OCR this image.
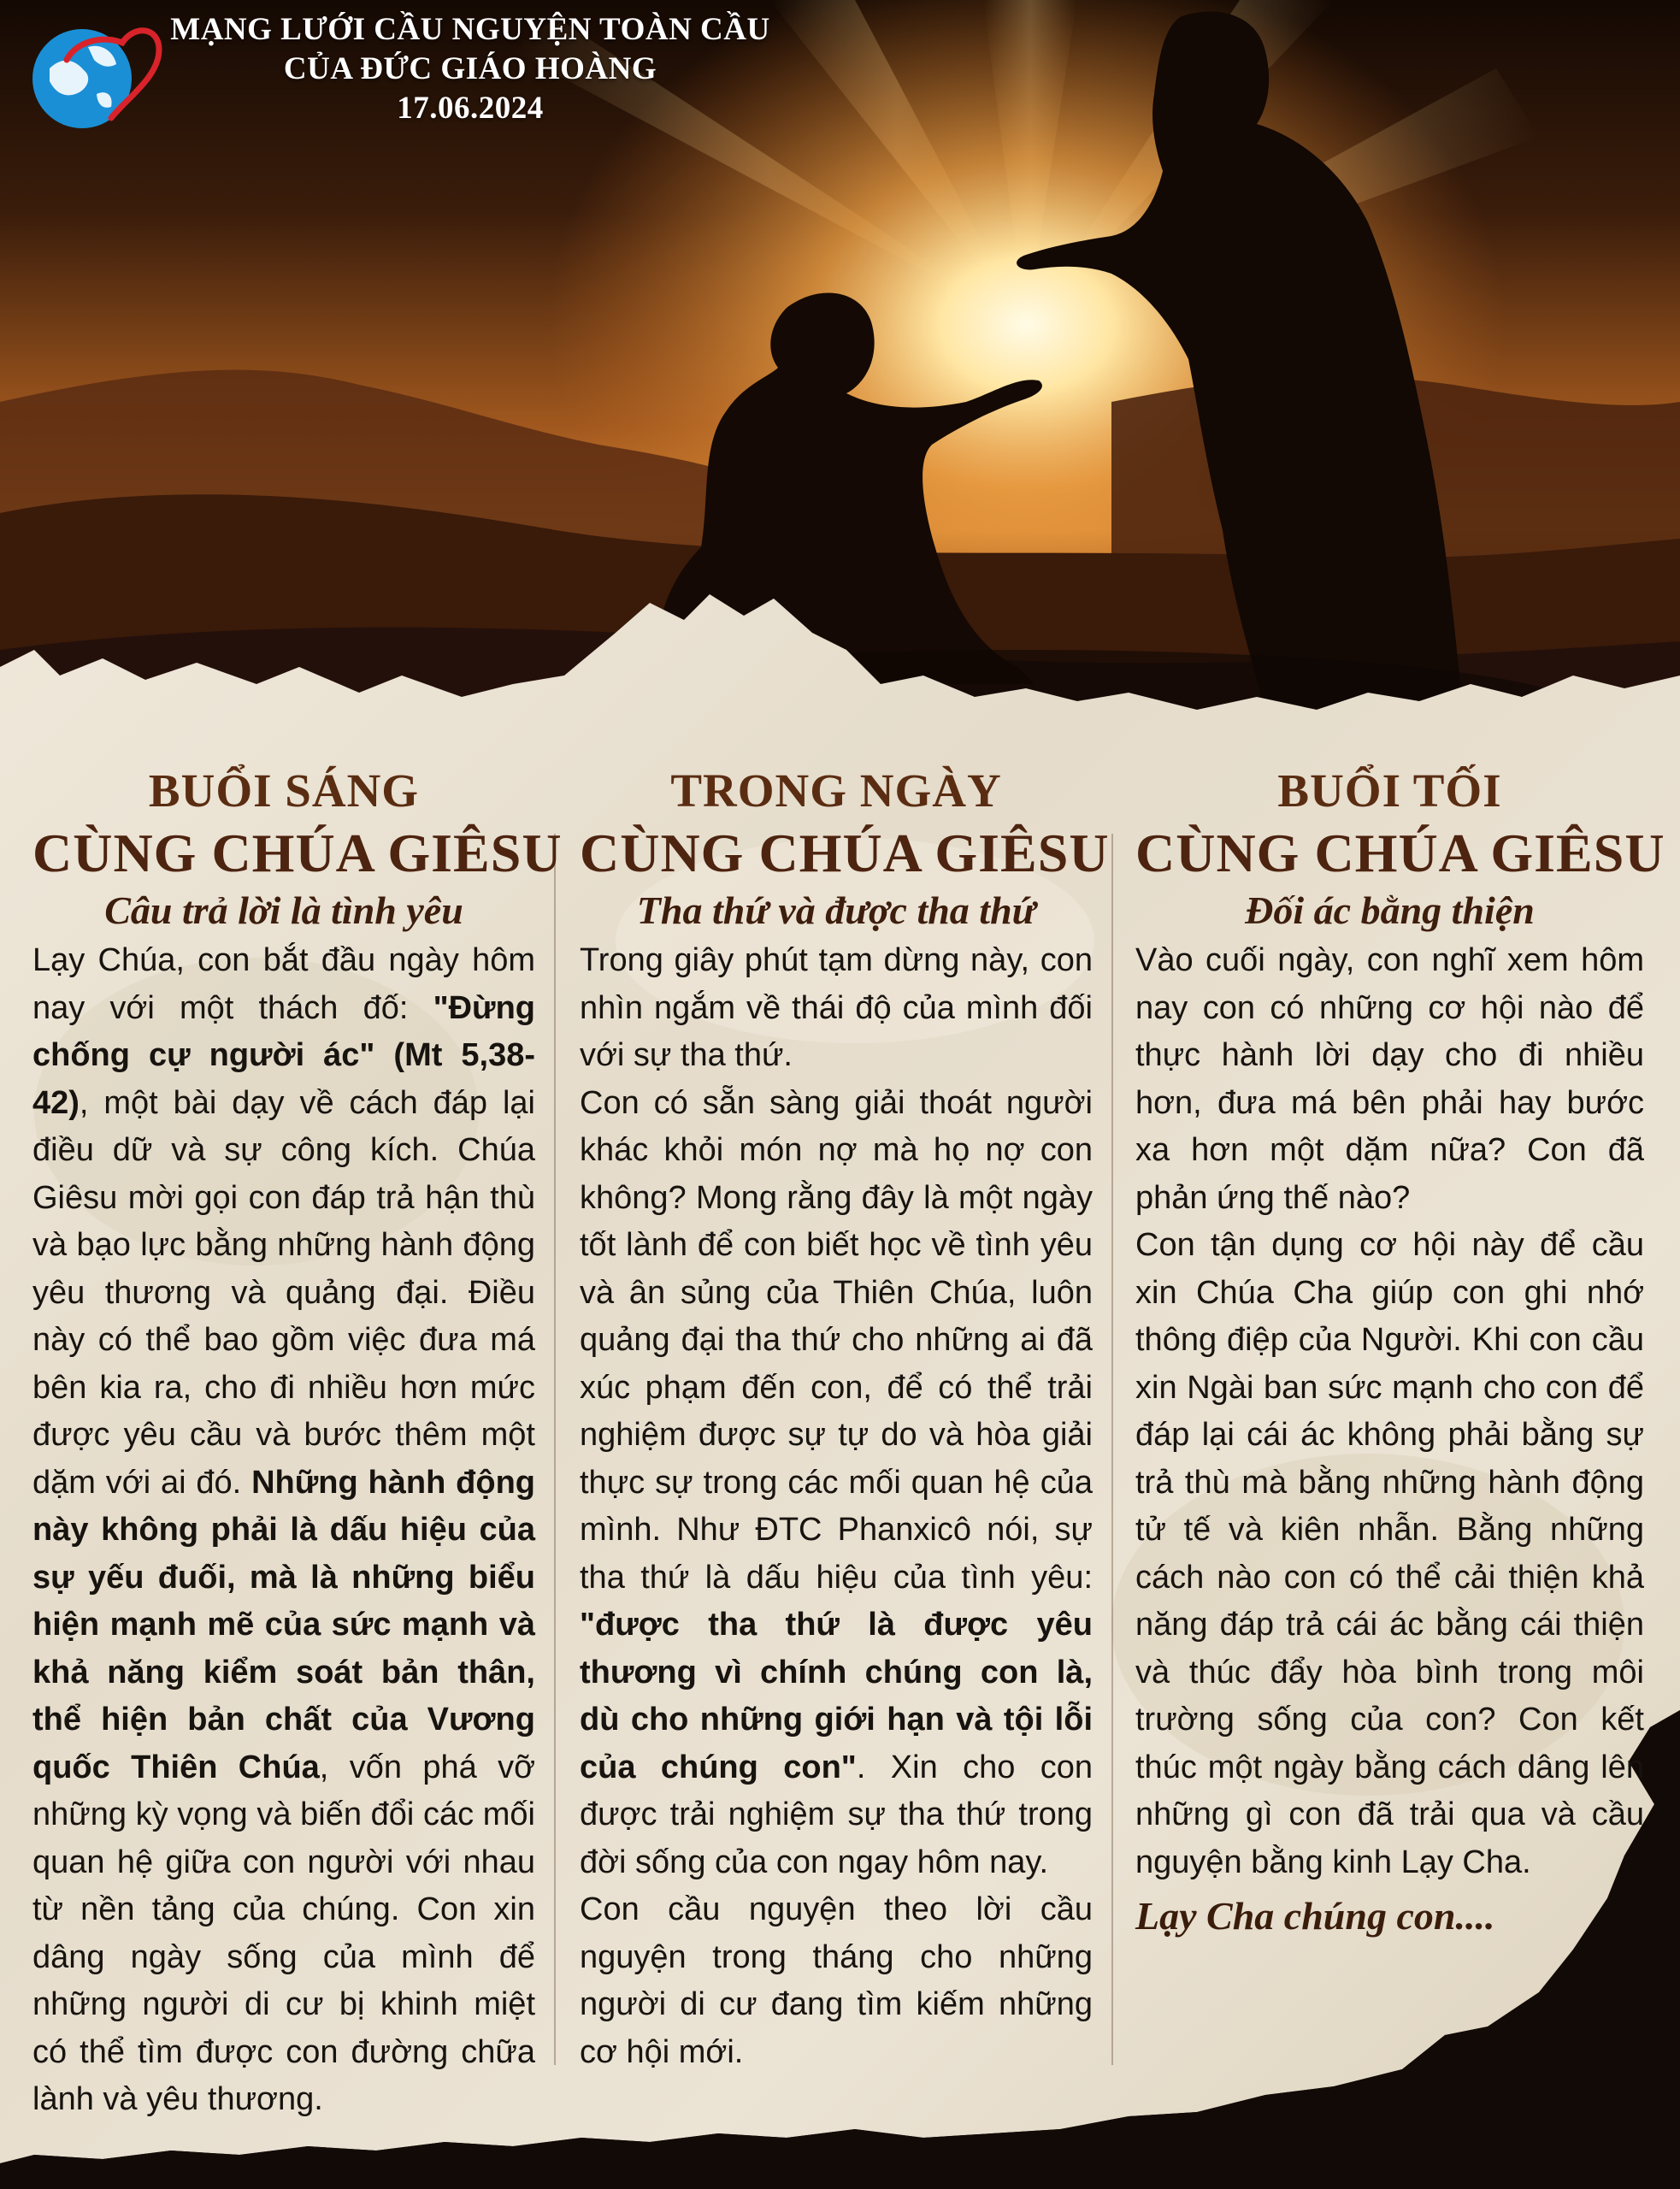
MẠNG LƯỚI CẦU NGUYỆN TOÀN CẦU
CỦA ĐỨC GIÁO HOÀNG
17.06.2024
BUỔI SÁNG
CÙNG CHÚA GIÊSU
Câu trả lời là tình yêu

Lạy Chúa, con bắt đầu ngày hôm nay với một thách đố: "Đừng chống cự người ác" (Mt 5,38-42), một bài dạy về cách đáp lại điều dữ và sự công kích. Chúa Giêsu mời gọi con đáp trả hận thù và bạo lực bằng những hành động yêu thương và quảng đại. Điều này có thể bao gồm việc đưa má bên kia ra, cho đi nhiều hơn mức được yêu cầu và bước thêm một dặm với ai đó. Những hành động này không phải là dấu hiệu của sự yếu đuối, mà là những biểu hiện mạnh mẽ của sức mạnh và khả năng kiểm soát bản thân, thể hiện bản chất của Vương quốc Thiên Chúa, vốn phá vỡ những kỳ vọng và biến đổi các mối quan hệ giữa con người với nhau từ nền tảng của chúng. Con xin dâng ngày sống của mình để những người di cư bị khinh miệt có thể tìm được con đường chữa lành và yêu thương.

TRONG NGÀY
CÙNG CHÚA GIÊSU
Tha thứ và được tha thứ

Trong giây phút tạm dừng này, con nhìn ngắm về thái độ của mình đối với sự tha thứ.

Con có sẵn sàng giải thoát người khác khỏi món nợ mà họ nợ con không? Mong rằng đây là một ngày tốt lành để con biết học về tình yêu và ân sủng của Thiên Chúa, luôn quảng đại tha thứ cho những ai đã xúc phạm đến con, để có thể trải nghiệm được sự tự do và hòa giải thực sự trong các mối quan hệ của mình. Như ĐTC Phanxicô nói, sự tha thứ là dấu hiệu của tình yêu: "được tha thứ là được yêu thương vì chính chúng con là, dù cho những giới hạn và tội lỗi của chúng con". Xin cho con được trải nghiệm sự tha thứ trong đời sống của con ngay hôm nay.

Con cầu nguyện theo lời cầu nguyện trong tháng cho những người di cư đang tìm kiếm những cơ hội mới.

BUỔI TỐI
CÙNG CHÚA GIÊSU
Đối ác bằng thiện

Vào cuối ngày, con nghĩ xem hôm nay con có những cơ hội nào để thực hành lời dạy cho đi nhiều hơn, đưa má bên phải hay bước xa hơn một dặm nữa? Con đã phản ứng thế nào?

Con tận dụng cơ hội này để cầu xin Chúa Cha giúp con ghi nhớ thông điệp của Người. Khi con cầu xin Ngài ban sức mạnh cho con để đáp lại cái ác không phải bằng sự trả thù mà bằng những hành động tử tế và kiên nhẫn. Bằng những cách nào con có thể cải thiện khả năng đáp trả cái ác bằng cái thiện và thúc đẩy hòa bình trong môi trường sống của con? Con kết thúc một ngày bằng cách dâng lên những gì con đã trải qua và cầu nguyện bằng kinh Lạy Cha.

Lạy Cha chúng con....
